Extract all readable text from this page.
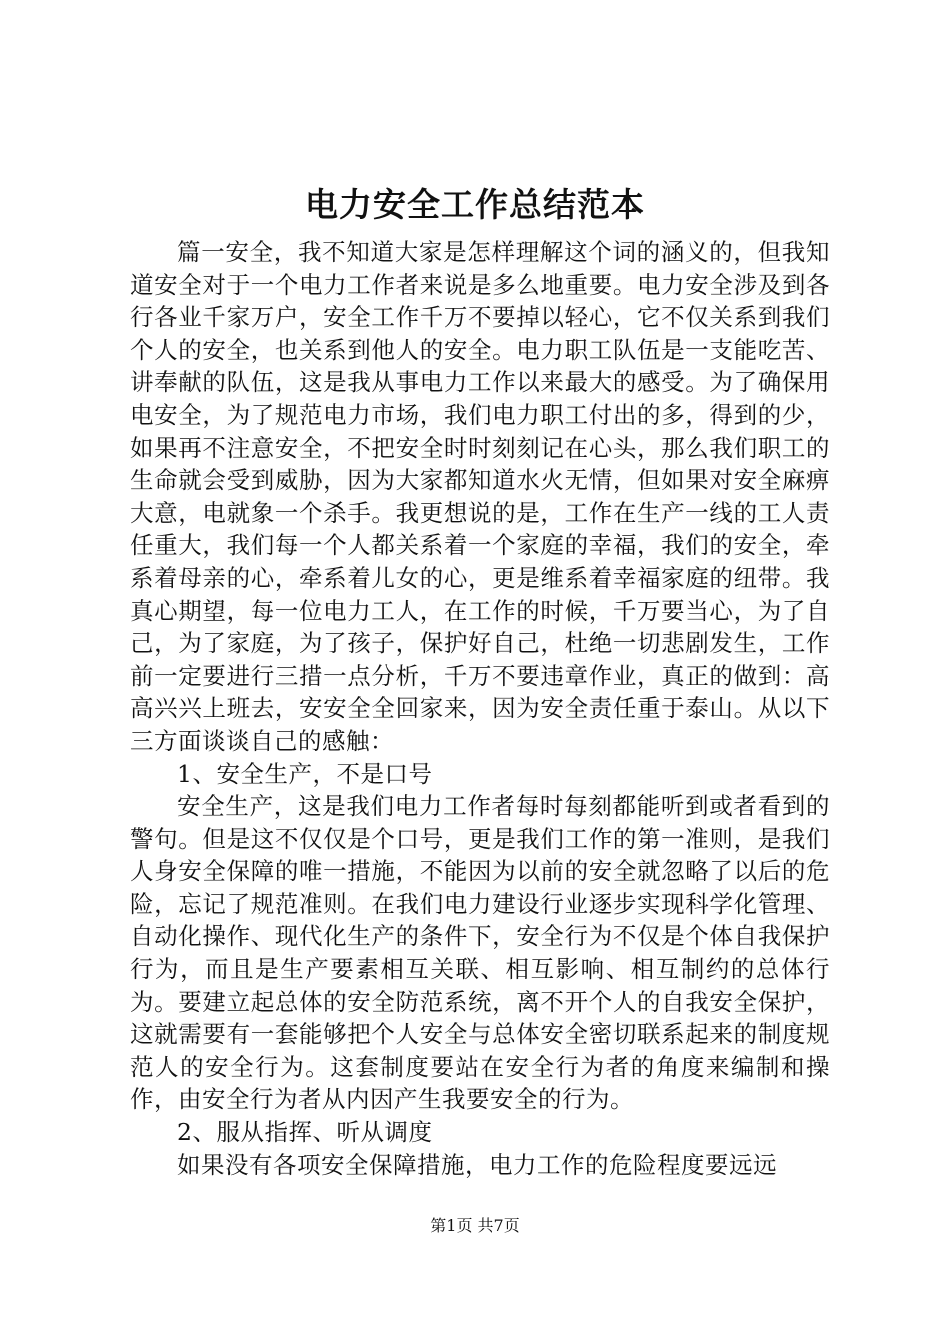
电力安全工作总结范本

篇一安全，我不知道大家是怎样理解这个词的涵义的，但我知道安全对于一个电力工作者来说是多么地重要。电力安全涉及到各行各业千家万户，安全工作千万不要掉以轻心，它不仅关系到我们个人的安全，也关系到他人的安全。电力职工队伍是一支能吃苦、讲奉献的队伍，这是我从事电力工作以来最大的感受。为了确保用电安全，为了规范电力市场，我们电力职工付出的多，得到的少，如果再不注意安全，不把安全时时刻刻记在心头，那么我们职工的生命就会受到威胁，因为大家都知道水火无情，但如果对安全麻痹大意，电就象一个杀手。我更想说的是，工作在生产一线的工人责任重大，我们每一个人都关系着一个家庭的幸福，我们的安全，牵系着母亲的心，牵系着儿女的心，更是维系着幸福家庭的纽带。我真心期望，每一位电力工人，在工作的时候，千万要当心，为了自己，为了家庭，为了孩子，保护好自己，杜绝一切悲剧发生，工作前一定要进行三措一点分析，千万不要违章作业，真正的做到：高高兴兴上班去，安安全全回家来，因为安全责任重于泰山。从以下三方面谈谈自己的感触：

1、安全生产，不是口号

安全生产，这是我们电力工作者每时每刻都能听到或者看到的警句。但是这不仅仅是个口号，更是我们工作的第一准则，是我们人身安全保障的唯一措施，不能因为以前的安全就忽略了以后的危险，忘记了规范准则。在我们电力建设行业逐步实现科学化管理、自动化操作、现代化生产的条件下，安全行为不仅是个体自我保护行为，而且是生产要素相互关联、相互影响、相互制约的总体行为。要建立起总体的安全防范系统，离不开个人的自我安全保护，这就需要有一套能够把个人安全与总体安全密切联系起来的制度规范人的安全行为。这套制度要站在安全行为者的角度来编制和操作，由安全行为者从内因产生我要安全的行为。

2、服从指挥、听从调度

如果没有各项安全保障措施，电力工作的危险程度要远远

第1页 共7页
